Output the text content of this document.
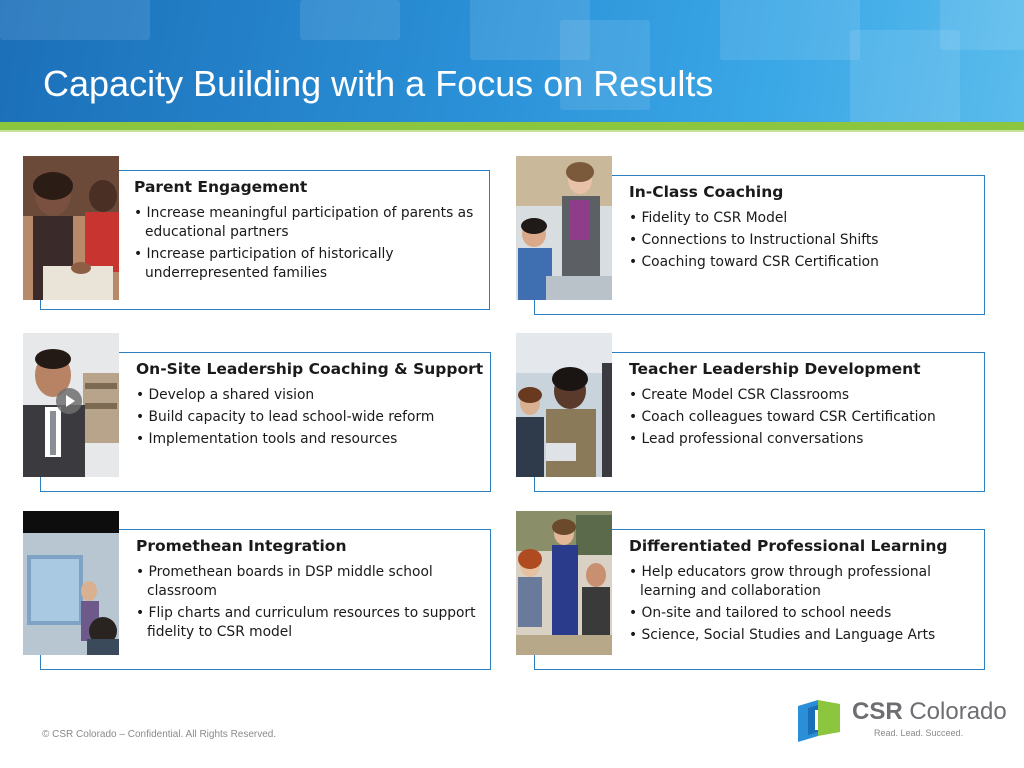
Capacity Building with a Focus on Results
Parent Engagement
• Increase meaningful participation of parents as educational partners
• Increase participation of historically underrepresented families
In-Class Coaching
• Fidelity to CSR Model
• Connections to Instructional Shifts
• Coaching toward CSR Certification
On-Site Leadership Coaching & Support
• Develop a shared vision
• Build capacity to lead school-wide reform
• Implementation tools and resources
Teacher Leadership Development
• Create Model CSR Classrooms
• Coach colleagues toward CSR Certification
• Lead professional conversations
Promethean Integration
• Promethean boards in DSP middle school classroom
• Flip charts and curriculum resources to support fidelity to CSR model
Differentiated Professional Learning
• Help educators grow through professional learning and collaboration
• On-site and tailored to school needs
• Science, Social Studies and Language Arts
© CSR Colorado – Confidential. All Rights Reserved.
CSR Colorado
Read. Lead. Succeed.
